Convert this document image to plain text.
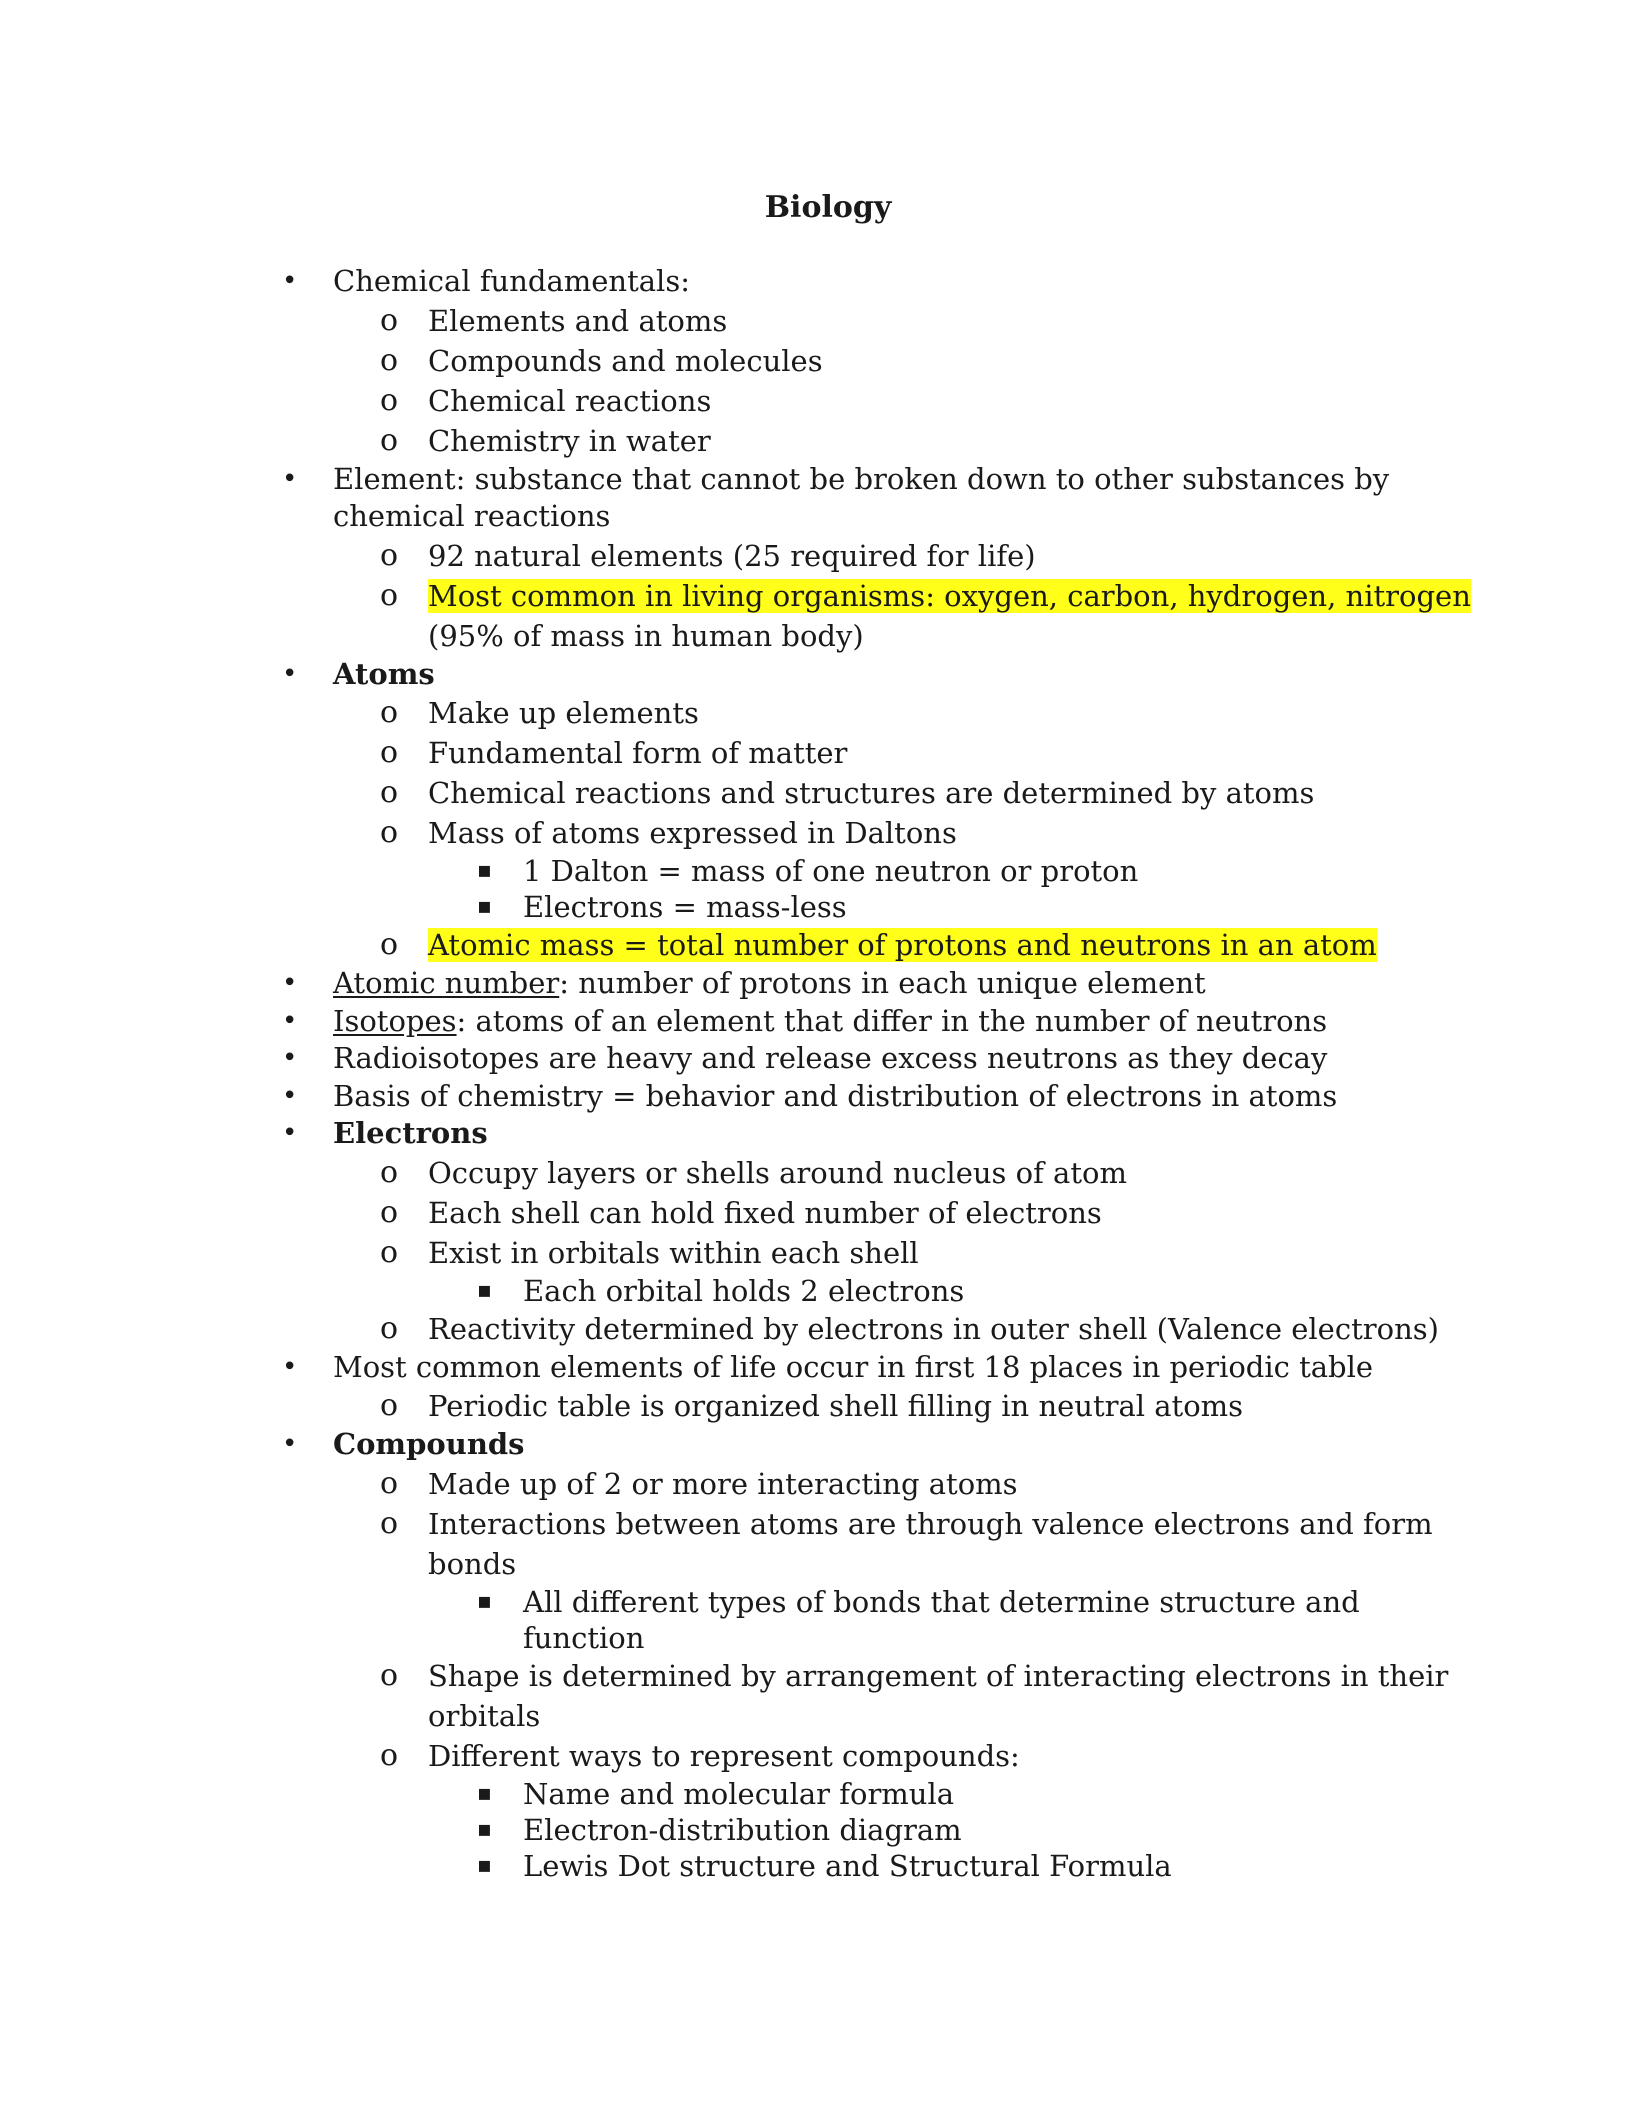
Biology
• Chemical fundamentals:
o Elements and atoms
o Compounds and molecules
o Chemical reactions
o Chemistry in water
• Element: substance that cannot be broken down to other substances by
chemical reactions
o 92 natural elements (25 required for life)
o Most common in living organisms: oxygen, carbon, hydrogen, nitrogen
(95% of mass in human body)
• Atoms
o Make up elements
o Fundamental form of matter
o Chemical reactions and structures are determined by atoms
o Mass of atoms expressed in Daltons
▪ 1 Dalton = mass of one neutron or proton
▪ Electrons = mass-less
o Atomic mass = total number of protons and neutrons in an atom
• Atomic number: number of protons in each unique element
• Isotopes: atoms of an element that differ in the number of neutrons
• Radioisotopes are heavy and release excess neutrons as they decay
• Basis of chemistry = behavior and distribution of electrons in atoms
• Electrons
o Occupy layers or shells around nucleus of atom
o Each shell can hold fixed number of electrons
o Exist in orbitals within each shell
▪ Each orbital holds 2 electrons
o Reactivity determined by electrons in outer shell (Valence electrons)
• Most common elements of life occur in first 18 places in periodic table
o Periodic table is organized shell filling in neutral atoms
• Compounds
o Made up of 2 or more interacting atoms
o Interactions between atoms are through valence electrons and form
bonds
▪ All different types of bonds that determine structure and
function
o Shape is determined by arrangement of interacting electrons in their
orbitals
o Different ways to represent compounds:
▪ Name and molecular formula
▪ Electron-distribution diagram
▪ Lewis Dot structure and Structural Formula
